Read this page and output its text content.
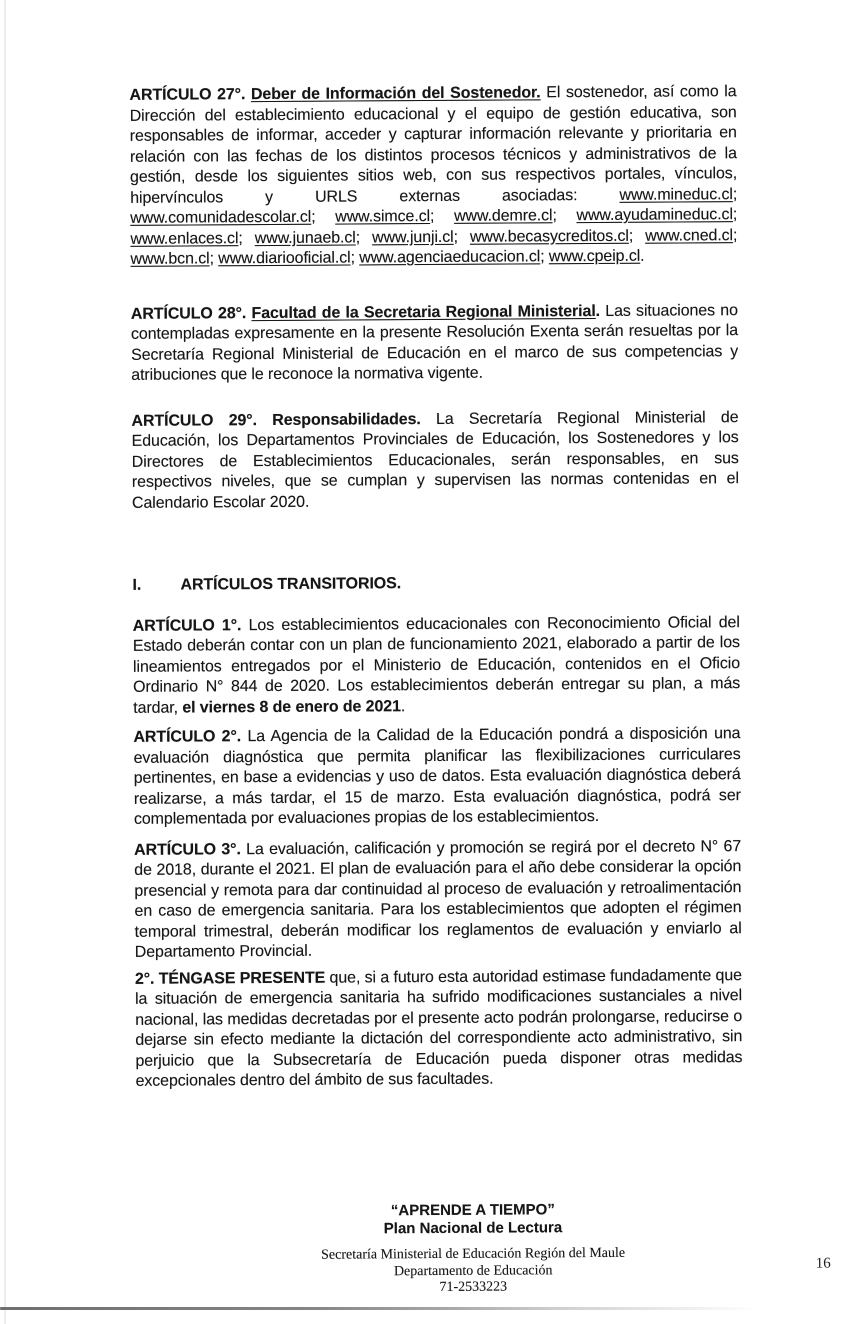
ARTÍCULO 27°. Deber de Información del Sostenedor. El sostenedor, así como la Dirección del establecimiento educacional y el equipo de gestión educativa, son responsables de informar, acceder y capturar información relevante y prioritaria en relación con las fechas de los distintos procesos técnicos y administrativos de la gestión, desde los siguientes sitios web, con sus respectivos portales, vínculos, hipervínculos y URLS externas asociadas: www.mineduc.cl; www.comunidadescolar.cl; www.simce.cl; www.demre.cl; www.ayudamineduc.cl; www.enlaces.cl; www.junaeb.cl; www.junji.cl; www.becasycreditos.cl; www.cned.cl; www.bcn.cl; www.diariooficial.cl; www.agenciaeducacion.cl; www.cpeip.cl.

ARTÍCULO 28°. Facultad de la Secretaria Regional Ministerial. Las situaciones no contempladas expresamente en la presente Resolución Exenta serán resueltas por la Secretaría Regional Ministerial de Educación en el marco de sus competencias y atribuciones que le reconoce la normativa vigente.

ARTÍCULO 29°. Responsabilidades. La Secretaría Regional Ministerial de Educación, los Departamentos Provinciales de Educación, los Sostenedores y los Directores de Establecimientos Educacionales, serán responsables, en sus respectivos niveles, que se cumplan y supervisen las normas contenidas en el Calendario Escolar 2020.

I.	ARTÍCULOS TRANSITORIOS.

ARTÍCULO 1°. Los establecimientos educacionales con Reconocimiento Oficial del Estado deberán contar con un plan de funcionamiento 2021, elaborado a partir de los lineamientos entregados por el Ministerio de Educación, contenidos en el Oficio Ordinario N° 844 de 2020. Los establecimientos deberán entregar su plan, a más tardar, el viernes 8 de enero de 2021.

ARTÍCULO 2°. La Agencia de la Calidad de la Educación pondrá a disposición una evaluación diagnóstica que permita planificar las flexibilizaciones curriculares pertinentes, en base a evidencias y uso de datos. Esta evaluación diagnóstica deberá realizarse, a más tardar, el 15 de marzo. Esta evaluación diagnóstica, podrá ser complementada por evaluaciones propias de los establecimientos.

ARTÍCULO 3°. La evaluación, calificación y promoción se regirá por el decreto N° 67 de 2018, durante el 2021. El plan de evaluación para el año debe considerar la opción presencial y remota para dar continuidad al proceso de evaluación y retroalimentación en caso de emergencia sanitaria. Para los establecimientos que adopten el régimen temporal trimestral, deberán modificar los reglamentos de evaluación y enviarlo al Departamento Provincial.

2°. TÉNGASE PRESENTE que, si a futuro esta autoridad estimase fundadamente que la situación de emergencia sanitaria ha sufrido modificaciones sustanciales a nivel nacional, las medidas decretadas por el presente acto podrán prolongarse, reducirse o dejarse sin efecto mediante la dictación del correspondiente acto administrativo, sin perjuicio que la Subsecretaría de Educación pueda disponer otras medidas excepcionales dentro del ámbito de sus facultades.

“APRENDE A TIEMPO”
Plan Nacional de Lectura
Secretaría Ministerial de Educación Región del Maule
Departamento de Educación
71-2533223
16
